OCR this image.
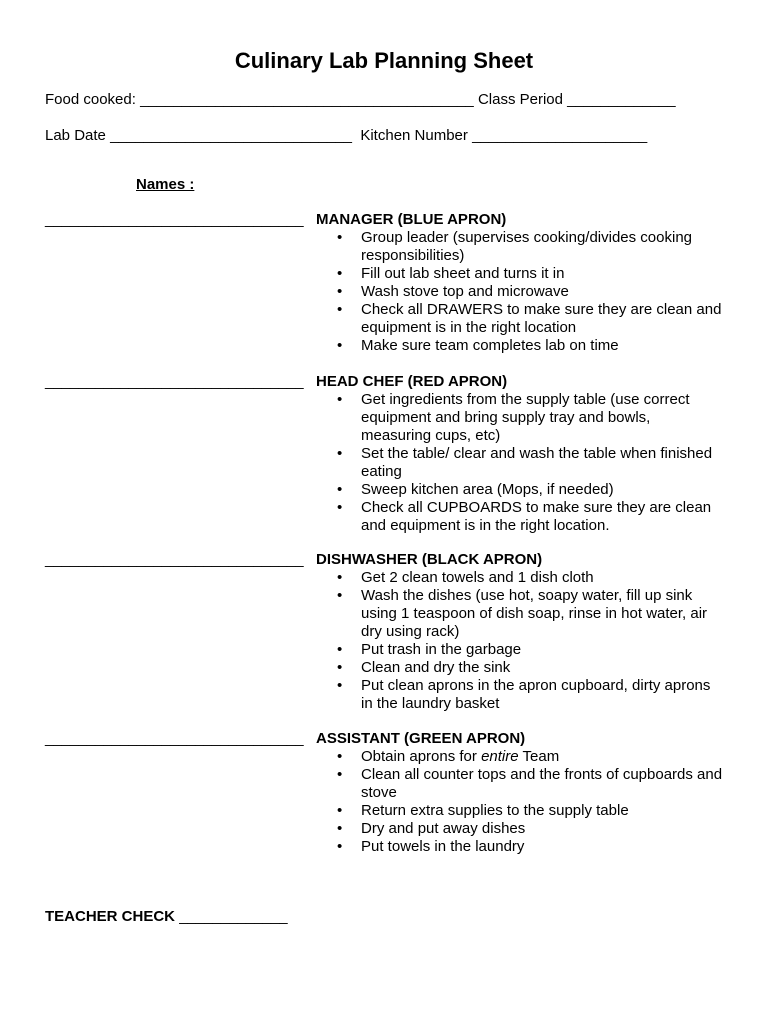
Culinary Lab Planning Sheet
Food cooked: ________________________________________ Class Period _____________
Lab Date _____________________________ Kitchen Number _____________________
Names :
_______________________________ MANAGER (BLUE APRON)
• Group leader (supervises cooking/divides cooking responsibilities)
• Fill out lab sheet and turns it in
• Wash stove top and microwave
• Check all DRAWERS to make sure they are clean and equipment is in the right location
• Make sure team completes lab on time
_______________________________ HEAD CHEF (RED APRON)
• Get ingredients from the supply table (use correct equipment and bring supply tray and bowls, measuring cups, etc)
• Set the table/ clear and wash the table when finished eating
• Sweep kitchen area (Mops, if needed)
• Check all CUPBOARDS to make sure they are clean and equipment is in the right location.
_______________________________ DISHWASHER (BLACK APRON)
• Get 2 clean towels and 1 dish cloth
• Wash the dishes (use hot, soapy water, fill up sink using 1 teaspoon of dish soap, rinse in hot water, air dry using rack)
• Put trash in the garbage
• Clean and dry the sink
• Put clean aprons in the apron cupboard, dirty aprons in the laundry basket
_______________________________ ASSISTANT (GREEN APRON)
• Obtain aprons for entire Team
• Clean all counter tops and the fronts of cupboards and stove
• Return extra supplies to the supply table
• Dry and put away dishes
• Put towels in the laundry
TEACHER CHECK _____________
